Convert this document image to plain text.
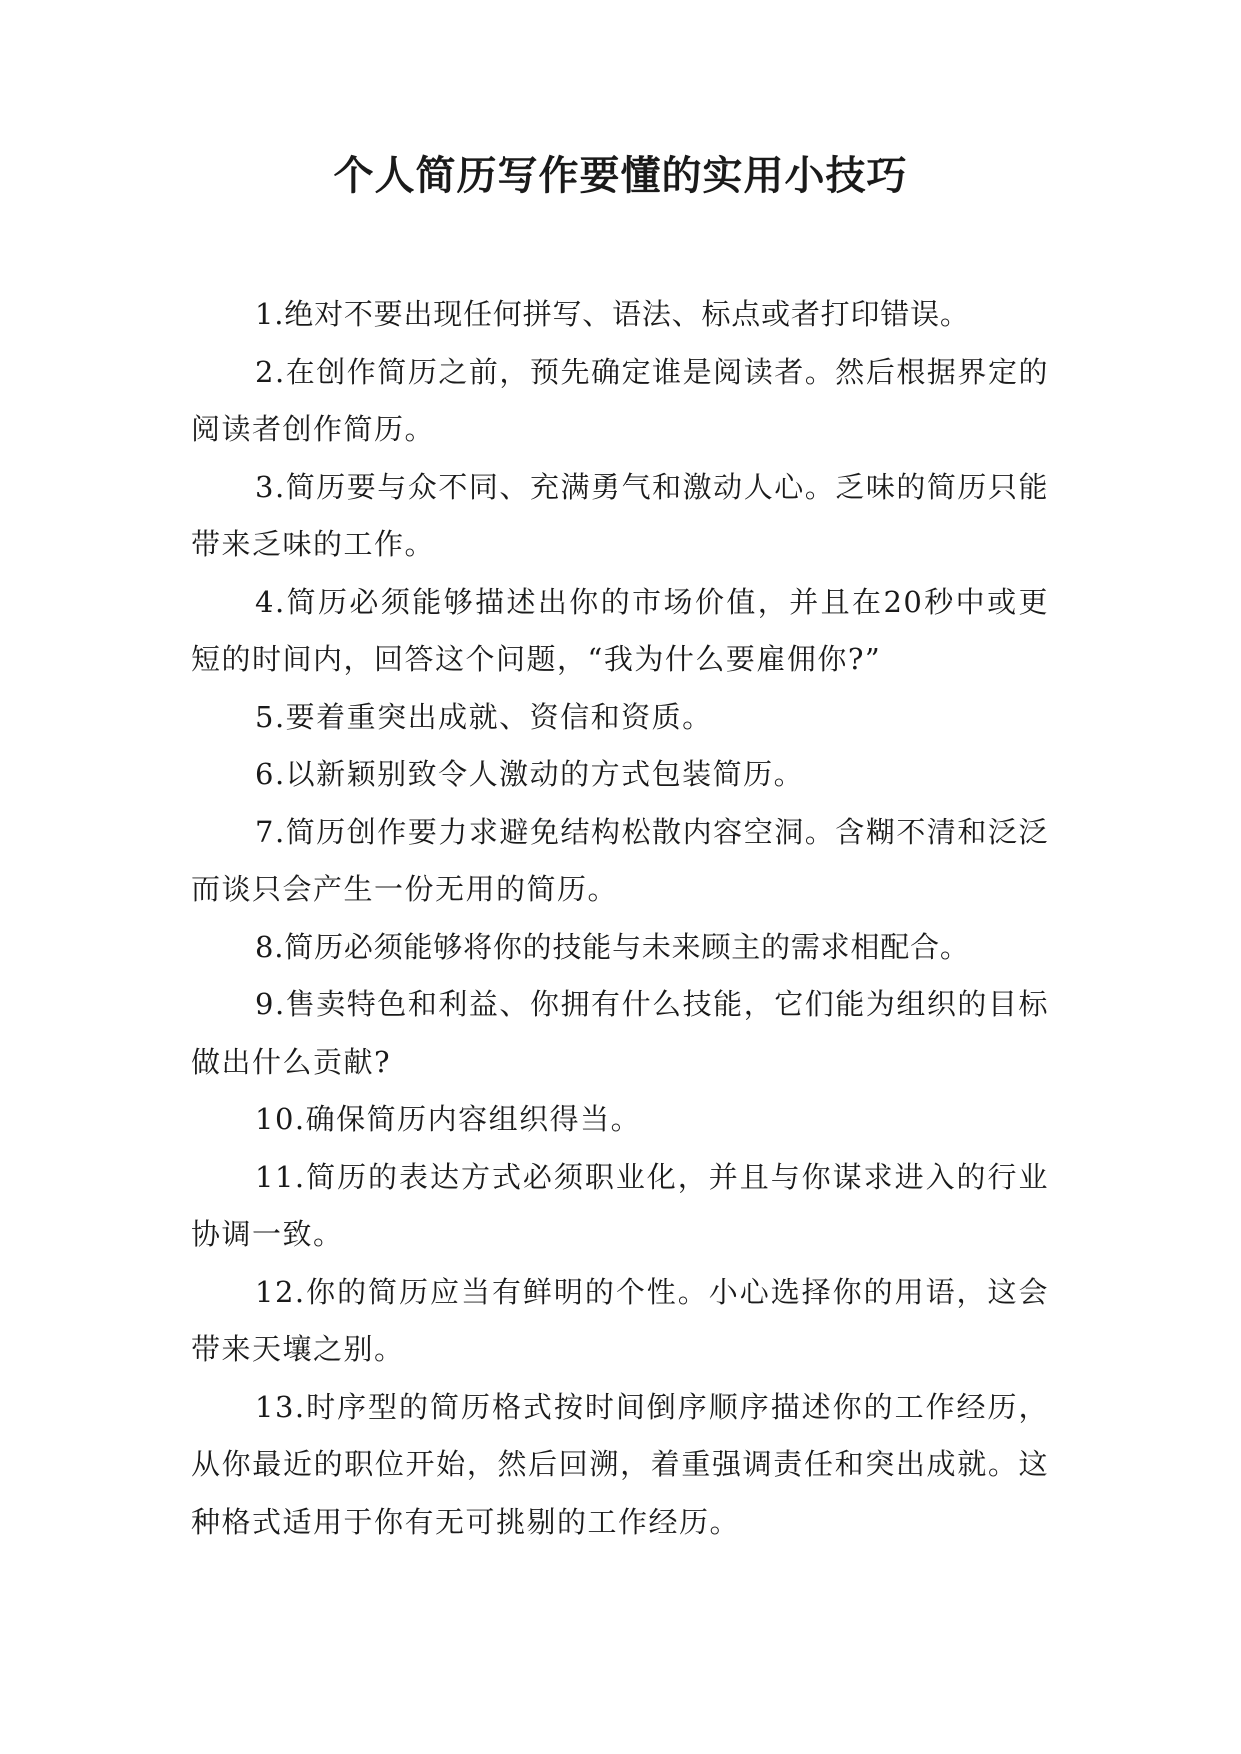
个人简历写作要懂的实用小技巧

1.绝对不要出现任何拼写、语法、标点或者打印错误。

2.在创作简历之前，预先确定谁是阅读者。然后根据界定的阅读者创作简历。

3.简历要与众不同、充满勇气和激动人心。乏味的简历只能带来乏味的工作。

4.简历必须能够描述出你的市场价值，并且在20秒中或更短的时间内，回答这个问题，“我为什么要雇佣你?”

5.要着重突出成就、资信和资质。

6.以新颖别致令人激动的方式包装简历。

7.简历创作要力求避免结构松散内容空洞。含糊不清和泛泛而谈只会产生一份无用的简历。

8.简历必须能够将你的技能与未来顾主的需求相配合。

9.售卖特色和利益、你拥有什么技能，它们能为组织的目标做出什么贡献?

10.确保简历内容组织得当。

11.简历的表达方式必须职业化，并且与你谋求进入的行业协调一致。

12.你的简历应当有鲜明的个性。小心选择你的用语，这会带来天壤之别。

13.时序型的简历格式按时间倒序顺序描述你的工作经历，从你最近的职位开始，然后回溯，着重强调责任和突出成就。这种格式适用于你有无可挑剔的工作经历。
